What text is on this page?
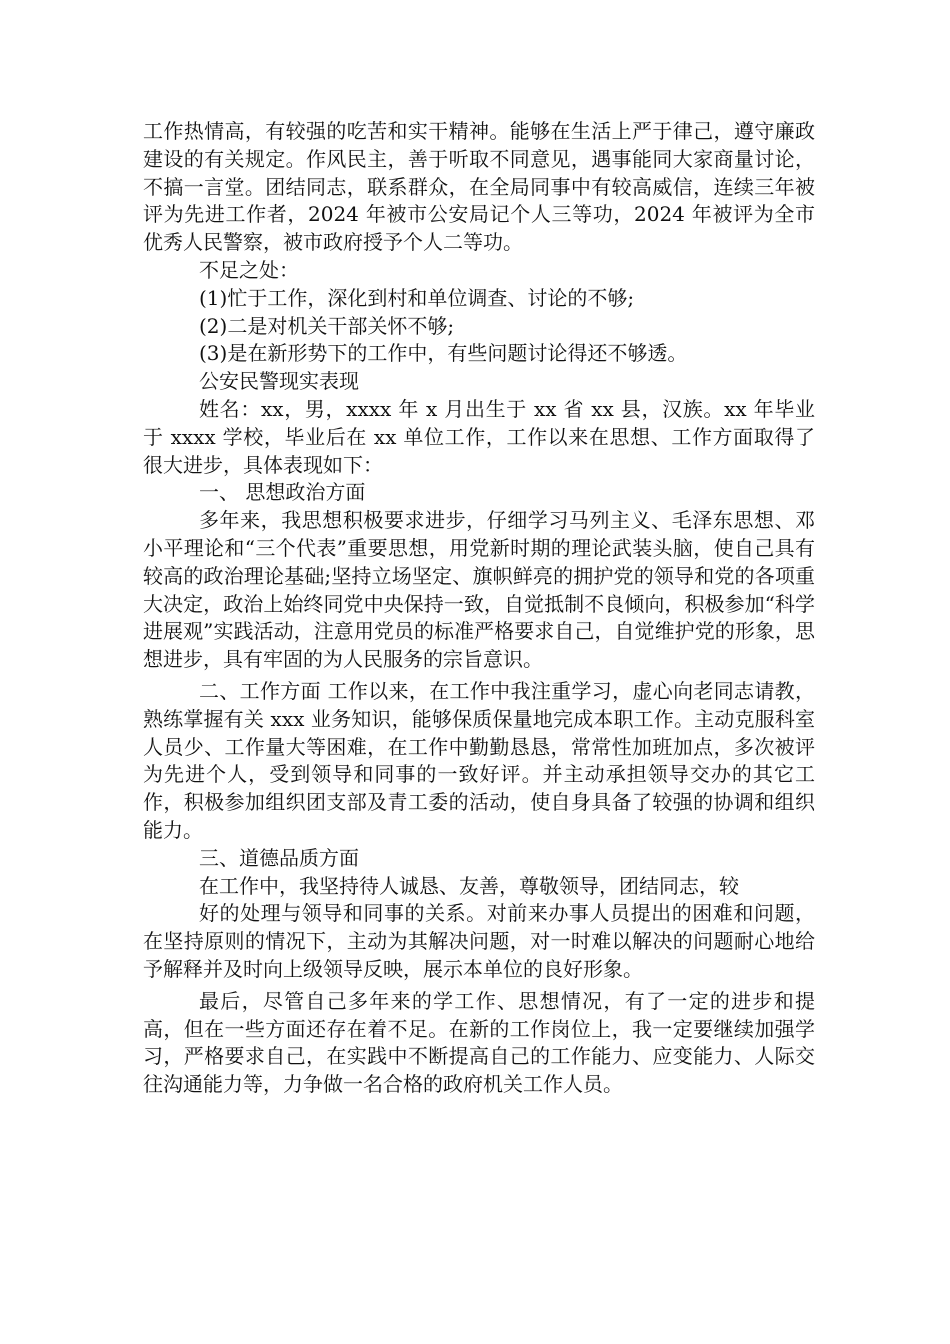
工作热情高，有较强的吃苦和实干精神。能够在生活上严于律己，遵守廉政建设的有关规定。作风民主，善于听取不同意见，遇事能同大家商量讨论，不搞一言堂。团结同志，联系群众，在全局同事中有较高威信，连续三年被评为先进工作者，2024 年被市公安局记个人三等功，2024 年被评为全市优秀人民警察，被市政府授予个人二等功。

不足之处：

(1)忙于工作，深化到村和单位调查、讨论的不够;

(2)二是对机关干部关怀不够;

(3)是在新形势下的工作中，有些问题讨论得还不够透。

公安民警现实表现

姓名：xx，男，xxxx 年 x 月出生于 xx 省 xx 县，汉族。xx 年毕业于 xxxx 学校，毕业后在 xx 单位工作，工作以来在思想、工作方面取得了很大进步，具体表现如下：

一、 思想政治方面

多年来，我思想积极要求进步，仔细学习马列主义、毛泽东思想、邓小平理论和“三个代表”重要思想，用党新时期的理论武装头脑，使自己具有较高的政治理论基础;坚持立场坚定、旗帜鲜亮的拥护党的领导和党的各项重大决定，政治上始终同党中央保持一致，自觉抵制不良倾向，积极参加“科学进展观”实践活动，注意用党员的标准严格要求自己，自觉维护党的形象，思想进步，具有牢固的为人民服务的宗旨意识。

二、工作方面 工作以来，在工作中我注重学习，虚心向老同志请教，熟练掌握有关 xxx 业务知识，能够保质保量地完成本职工作。主动克服科室人员少、工作量大等困难，在工作中勤勤恳恳，常常性加班加点，多次被评为先进个人，受到领导和同事的一致好评。并主动承担领导交办的其它工作，积极参加组织团支部及青工委的活动，使自身具备了较强的协调和组织能力。

三、道德品质方面

在工作中，我坚持待人诚恳、友善，尊敬领导，团结同志，较

好的处理与领导和同事的关系。对前来办事人员提出的困难和问题，在坚持原则的情况下，主动为其解决问题，对一时难以解决的问题耐心地给予解释并及时向上级领导反映，展示本单位的良好形象。

最后，尽管自己多年来的学工作、思想情况，有了一定的进步和提高，但在一些方面还存在着不足。在新的工作岗位上，我一定要继续加强学习，严格要求自己，在实践中不断提高自己的工作能力、应变能力、人际交往沟通能力等，力争做一名合格的政府机关工作人员。
